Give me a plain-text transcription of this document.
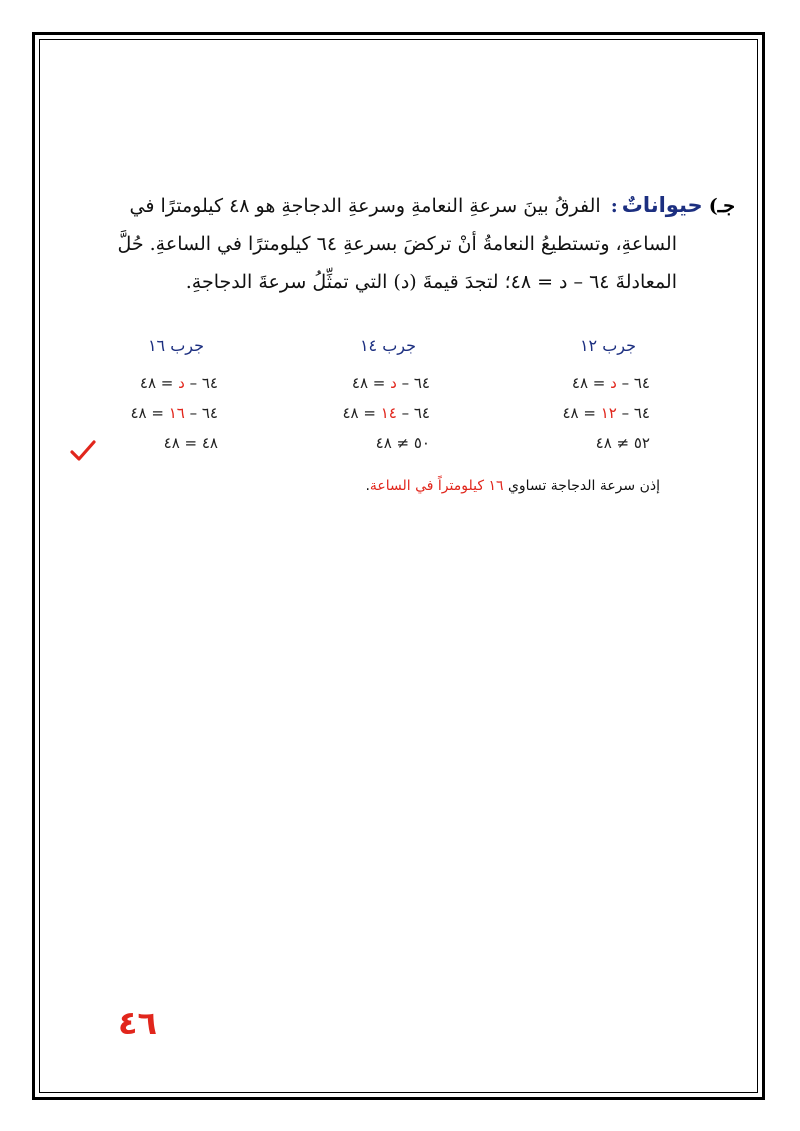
جـ)حيواناتٌ: الفرقُ بينَ سرعةِ النعامةِ وسرعةِ الدجاجةِ هو ٤٨ كيلومترًا في
الساعةِ، وتستطيعُ النعامةُ أنْ تركضَ بسرعةِ ٦٤ كيلومترًا في الساعةِ. حُلَّ
المعادلةَ ٦٤ – د = ٤٨؛ لتجدَ قيمةَ (د) التي تمثِّلُ سرعةَ الدجاجةِ.
جرب ١٢
٦٤ – د = ٤٨
٦٤ – ١٢ = ٤٨
٥٢ ≠ ٤٨
جرب ١٤
٦٤ – د = ٤٨
٦٤ – ١٤ = ٤٨
٥٠ ≠ ٤٨
جرب ١٦
٦٤ – د = ٤٨
٦٤ – ١٦ = ٤٨
٤٨ = ٤٨
إذن سرعة الدجاجة تساوي ١٦ كيلومتراً في الساعة.
٤٦
